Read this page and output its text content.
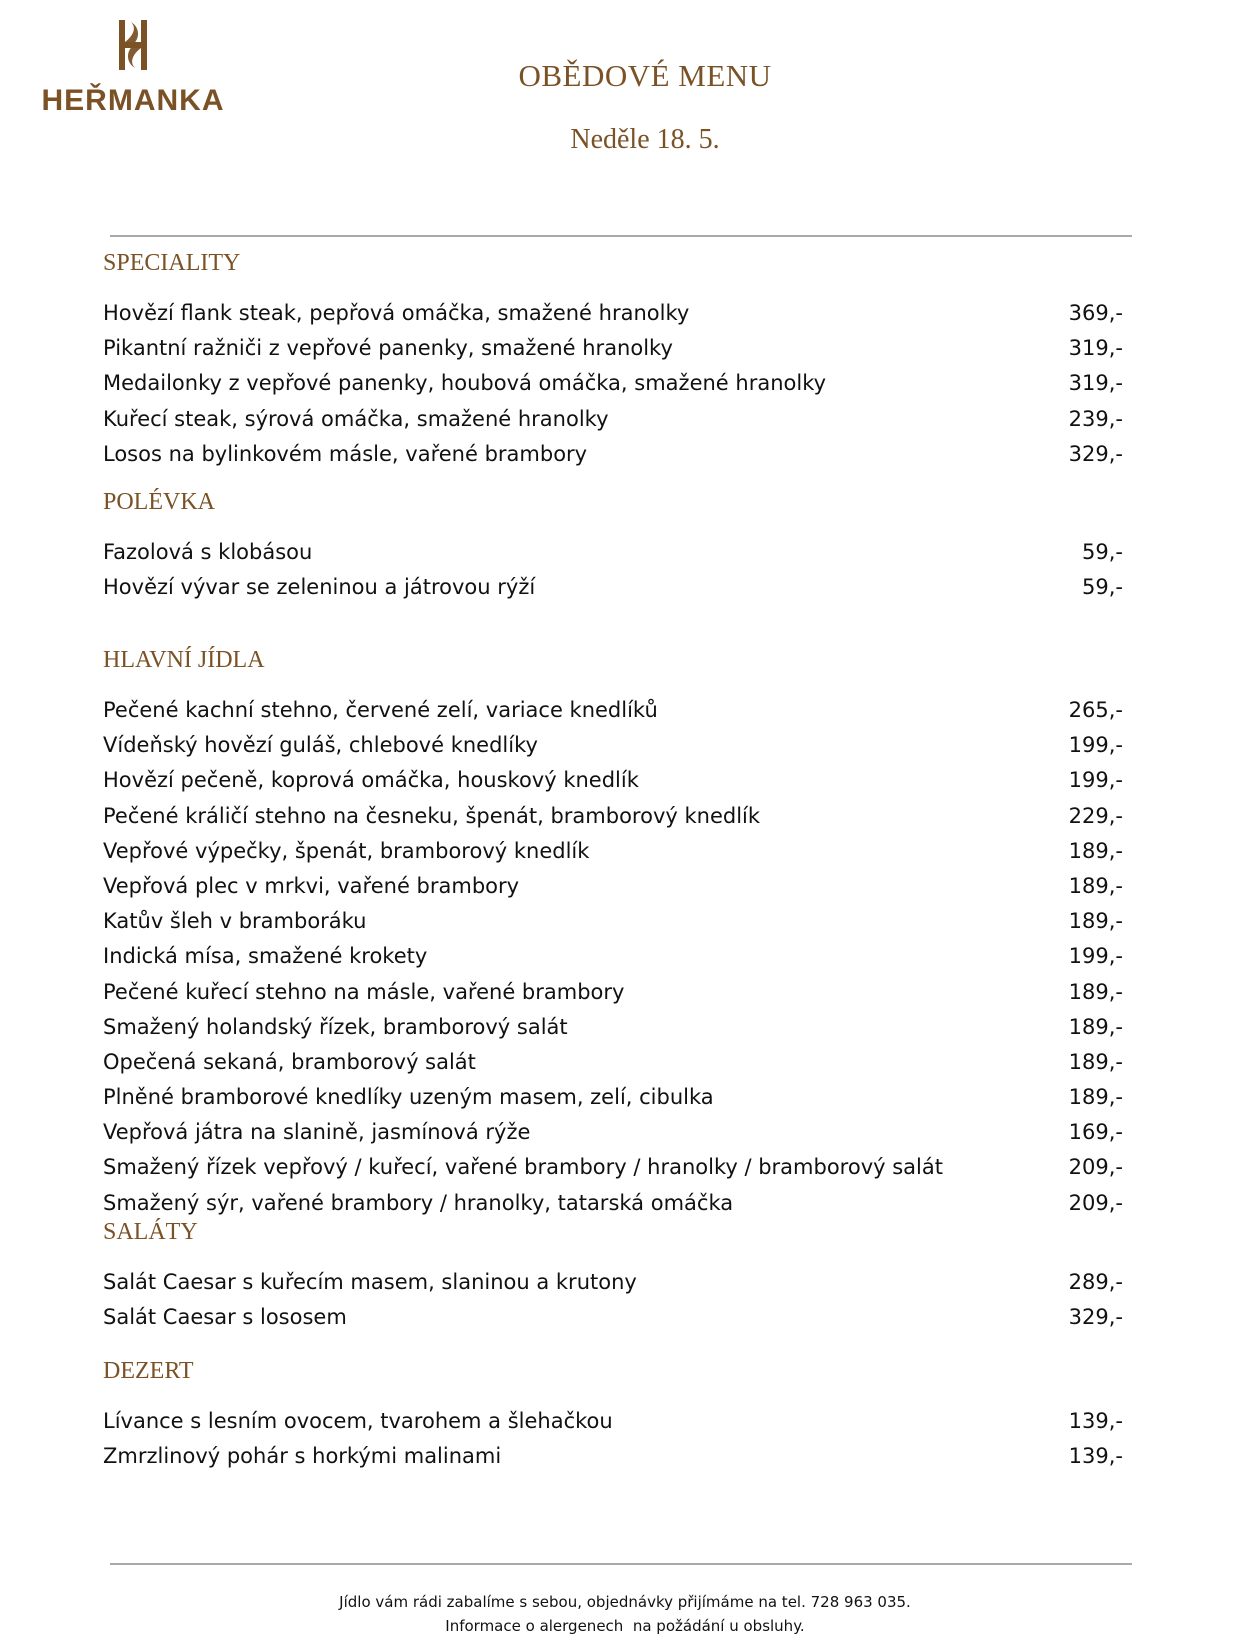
HEŘMANKA
OBĚDOVÉ MENU
Neděle 18. 5.
SPECIALITY
Hovězí flank steak, pepřová omáčka, smažené hranolky	369,-
Pikantní ražniči z vepřové panenky, smažené hranolky	319,-
Medailonky z vepřové panenky, houbová omáčka, smažené hranolky	319,-
Kuřecí steak, sýrová omáčka, smažené hranolky	239,-
Losos na bylinkovém másle, vařené brambory	329,-
POLÉVKA
Fazolová s klobásou	59,-
Hovězí vývar se zeleninou a játrovou rýží	59,-
HLAVNÍ JÍDLA
Pečené kachní stehno, červené zelí, variace knedlíků	265,-
Vídeňský hovězí guláš, chlebové knedlíky	199,-
Hovězí pečeně, koprová omáčka, houskový knedlík	199,-
Pečené králičí stehno na česneku, špenát, bramborový knedlík	229,-
Vepřové výpečky, špenát, bramborový knedlík	189,-
Vepřová plec v mrkvi, vařené brambory	189,-
Katův šleh v bramboráku	189,-
Indická mísa, smažené krokety	199,-
Pečené kuřecí stehno na másle, vařené brambory	189,-
Smažený holandský řízek, bramborový salát	189,-
Opečená sekaná, bramborový salát	189,-
Plněné bramborové knedlíky uzeným masem, zelí, cibulka	189,-
Vepřová játra na slanině, jasmínová rýže	169,-
Smažený řízek vepřový / kuřecí, vařené brambory / hranolky / bramborový salát	209,-
Smažený sýr, vařené brambory / hranolky, tatarská omáčka	209,-
SALÁTY
Salát Caesar s kuřecím masem, slaninou a krutony	289,-
Salát Caesar s lososem	329,-
DEZERT
Lívance s lesním ovocem, tvarohem a šlehačkou	139,-
Zmrzlinový pohár s horkými malinami	139,-
Jídlo vám rádi zabalíme s sebou, objednávky přijímáme na tel. 728 963 035.
Informace o alergenech  na požádání u obsluhy.
